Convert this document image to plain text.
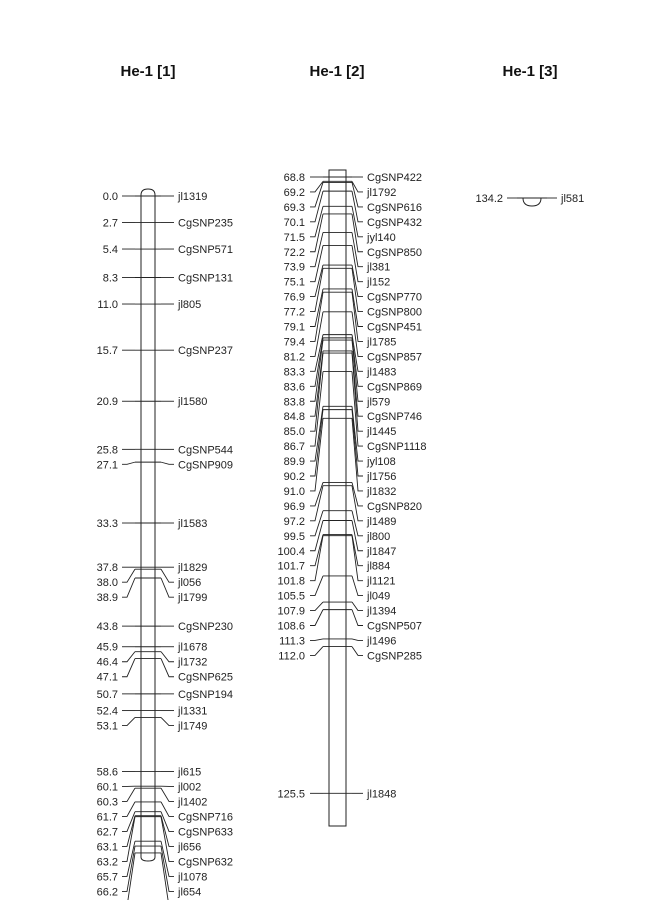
He-1 [1]	He-1 [2]	He-1 [3]
0.0	jl1319
2.7	CgSNP235
5.4	CgSNP571
8.3	CgSNP131
11.0	jl805
15.7	CgSNP237
20.9	jl1580
25.8	CgSNP544
27.1	CgSNP909
33.3	jl1583
37.8	jl1829
38.0	jl056
38.9	jl1799
43.8	CgSNP230
45.9	jl1678
46.4	jl1732
47.1	CgSNP625
50.7	CgSNP194
52.4	jl1331
53.1	jl1749
58.6	jl615
60.1	jl002
60.3	jl1402
61.7	CgSNP716
62.7	CgSNP633
63.1	jl656
63.2	CgSNP632
65.7	jl1078
66.2	jl654
68.8	CgSNP422
69.2	jl1792
69.3	CgSNP616
70.1	CgSNP432
71.5	jyl140
72.2	CgSNP850
73.9	jl381
75.1	jl152
76.9	CgSNP770
77.2	CgSNP800
79.1	CgSNP451
79.4	jl1785
81.2	CgSNP857
83.3	jl1483
83.6	CgSNP869
83.8	jl579
84.8	CgSNP746
85.0	jl1445
86.7	CgSNP1118
89.9	jyl108
90.2	jl1756
91.0	jl1832
96.9	CgSNP820
97.2	jl1489
99.5	jl800
100.4	jl1847
101.7	jl884
101.8	jl1121
105.5	jl049
107.9	jl1394
108.6	CgSNP507
111.3	jl1496
112.0	CgSNP285
125.5	jl1848
134.2	jl581
